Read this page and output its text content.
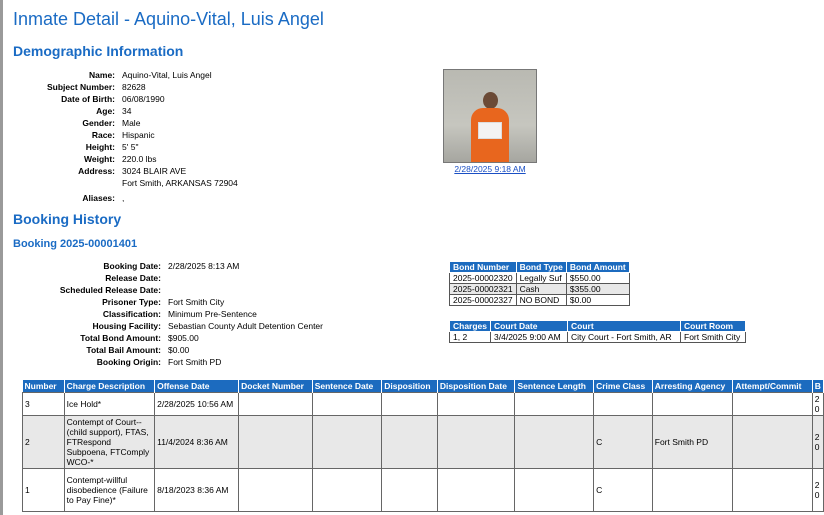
Inmate Detail - Aquino-Vital, Luis Angel
Demographic Information
Name: Aquino-Vital, Luis Angel
Subject Number: 82628
Date of Birth: 06/08/1990
Age: 34
Gender: Male
Race: Hispanic
Height: 5' 5"
Weight: 220.0 lbs
Address: 3024 BLAIR AVE
Fort Smith, ARKANSAS 72904
Aliases: ,
2/28/2025 9:18 AM
Booking History
Booking 2025-00001401
Booking Date: 2/28/2025 8:13 AM
Release Date:
Scheduled Release Date:
Prisoner Type: Fort Smith City
Classification: Minimum Pre-Sentence
Housing Facility: Sebastian County Adult Detention Center
Total Bond Amount: $905.00
Total Bail Amount: $0.00
Booking Origin: Fort Smith PD
Bond Number	Bond Type	Bond Amount
2025-00002320	Legally Suf	$550.00
2025-00002321	Cash	$355.00
2025-00002327	NO BOND	$0.00
Charges	Court Date	Court	Court Room
1, 2	3/4/2025 9:00 AM	City Court - Fort Smith, AR	Fort Smith City
Number	Charge Description	Offense Date	Docket Number	Sentence Date	Disposition	Disposition Date	Sentence Length	Crime Class	Arresting Agency	Attempt/Commit	B
3	Ice Hold*	2/28/2025 10:56 AM									2
0
2	Contempt of Court-- (child support), FTAS, FTRespond Subpoena, FTComply WCO-*	11/4/2024 8:36 AM						C	Fort Smith PD		2
0
1	Contempt-willful disobedience (Failure to Pay Fine)*	8/18/2023 8:36 AM						C			2
0
